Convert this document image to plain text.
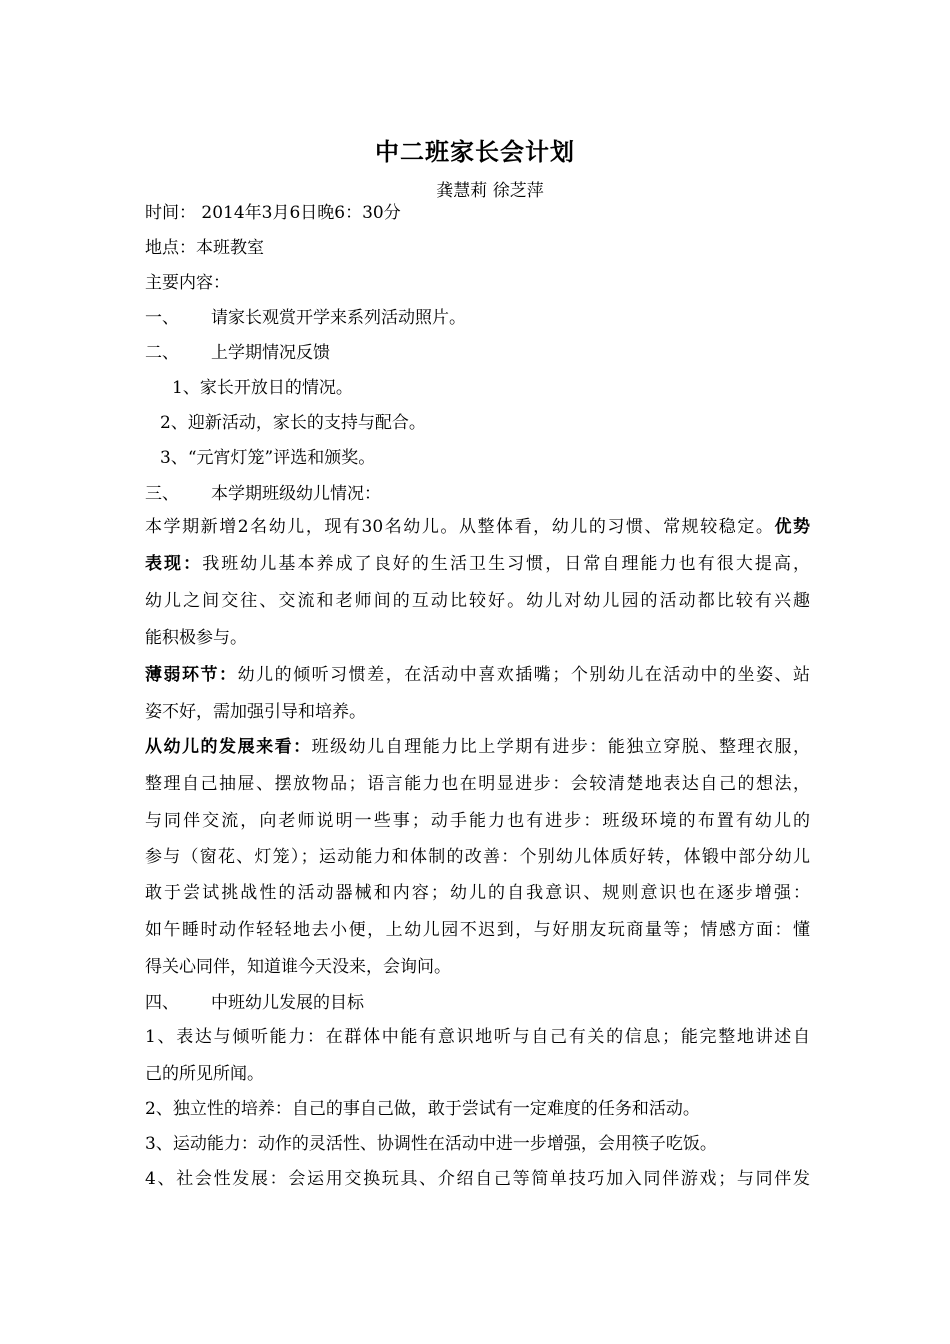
中二班家长会计划
龚慧莉 徐芝萍
时间： 2014年3月6日晚6：30分
地点：本班教室
主要内容：
一、 请家长观赏开学来系列活动照片。
二、 上学期情况反馈
1、家长开放日的情况。
2、迎新活动，家长的支持与配合。
3、“元宵灯笼”评选和颁奖。
三、 本学期班级幼儿情况：
本学期新增2名幼儿，现有30名幼儿。从整体看，幼儿的习惯、常规较稳定。优势
表现：我班幼儿基本养成了良好的生活卫生习惯，日常自理能力也有很大提高，
幼儿之间交往、交流和老师间的互动比较好。幼儿对幼儿园的活动都比较有兴趣
能积极参与。
薄弱环节：幼儿的倾听习惯差，在活动中喜欢插嘴；个别幼儿在活动中的坐姿、站
姿不好，需加强引导和培养。
从幼儿的发展来看：班级幼儿自理能力比上学期有进步：能独立穿脱、整理衣服，
整理自己抽屉、摆放物品；语言能力也在明显进步：会较清楚地表达自己的想法，
与同伴交流，向老师说明一些事；动手能力也有进步：班级环境的布置有幼儿的
参与（窗花、灯笼）；运动能力和体制的改善：个别幼儿体质好转，体锻中部分幼儿
敢于尝试挑战性的活动器械和内容；幼儿的自我意识、规则意识也在逐步增强：
如午睡时动作轻轻地去小便，上幼儿园不迟到，与好朋友玩商量等；情感方面：懂
得关心同伴，知道谁今天没来，会询问。
四、 中班幼儿发展的目标
1、表达与倾听能力：在群体中能有意识地听与自己有关的信息；能完整地讲述自
己的所见所闻。
2、独立性的培养：自己的事自己做，敢于尝试有一定难度的任务和活动。
3、运动能力：动作的灵活性、协调性在活动中进一步增强，会用筷子吃饭。
4、社会性发展：会运用交换玩具、介绍自己等简单技巧加入同伴游戏；与同伴发
